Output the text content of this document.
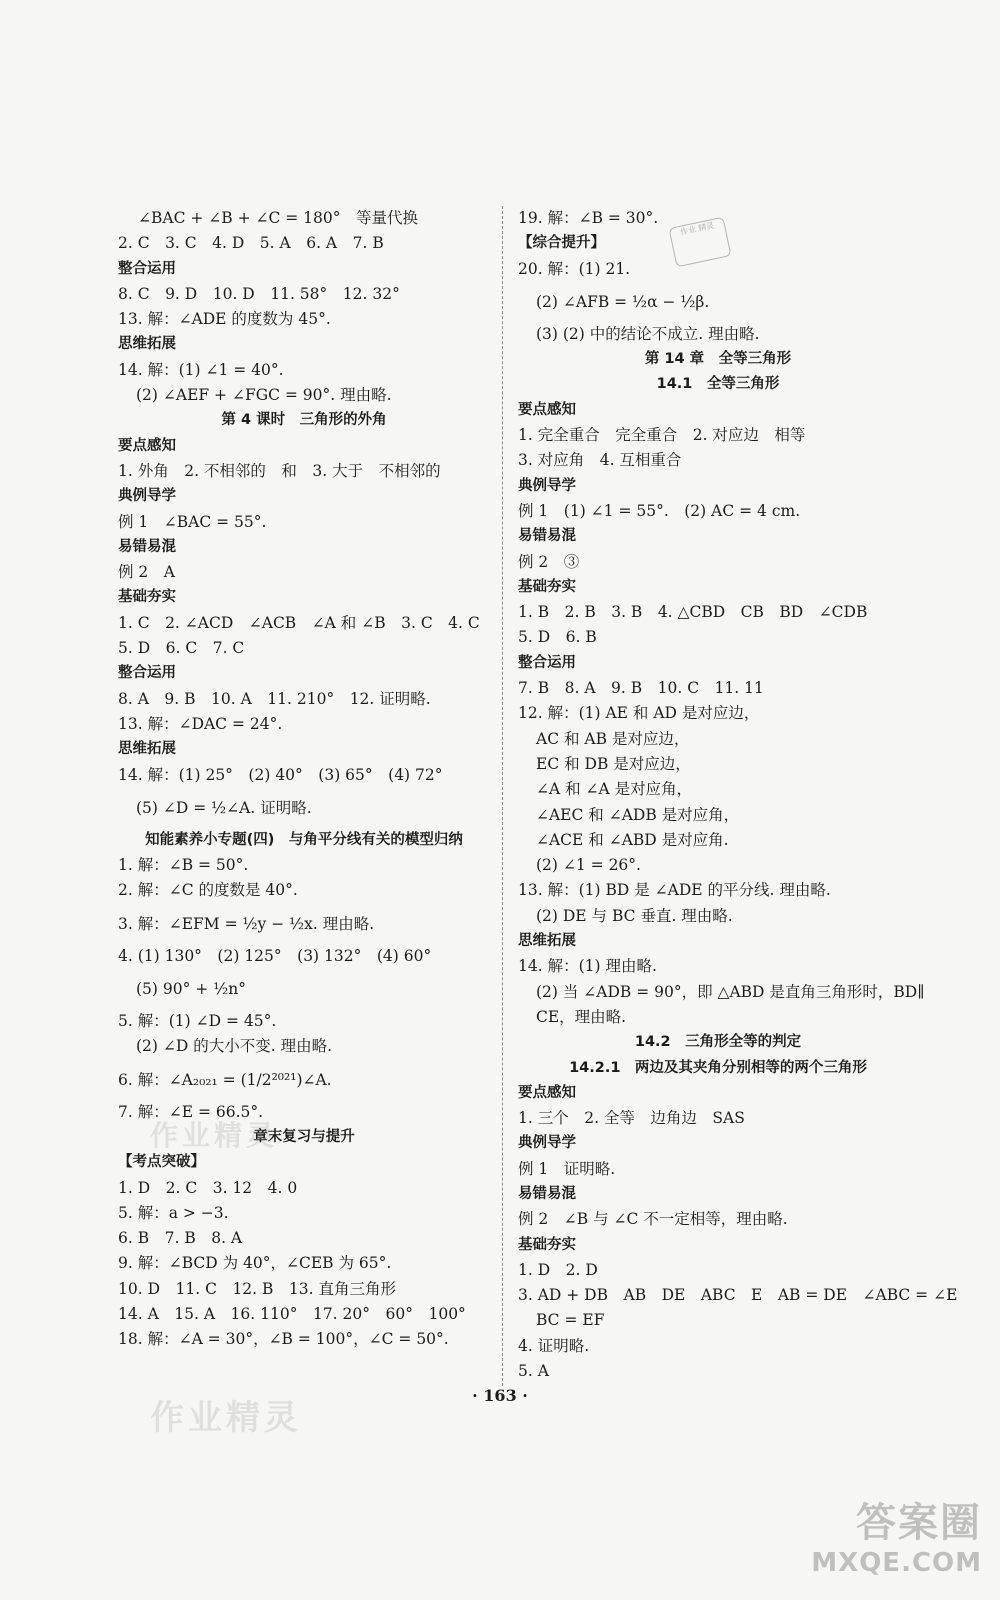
作业 精灵
∠BAC + ∠B + ∠C = 180°　等量代换
2. C　3. C　4. D　5. A　6. A　7. B
整合运用
8. C　9. D　10. D　11. 58°　12. 32°
13. 解：∠ADE 的度数为 45°.
思维拓展
14. 解：(1) ∠1 = 40°.
(2) ∠AEF + ∠FGC = 90°. 理由略.
第 4 课时　三角形的外角
要点感知
1. 外角　2. 不相邻的　和　3. 大于　不相邻的
典例导学
例 1　∠BAC = 55°.
易错易混
例 2　A
基础夯实
1. C　2. ∠ACD　∠ACB　∠A 和 ∠B　3. C　4. C
5. D　6. C　7. C
整合运用
8. A　9. B　10. A　11. 210°　12. 证明略.
13. 解：∠DAC = 24°.
思维拓展
14. 解：(1) 25°　(2) 40°　(3) 65°　(4) 72°
(5) ∠D = ½∠A. 证明略.
知能素养小专题(四)　与角平分线有关的模型归纳
1. 解：∠B = 50°.
2. 解：∠C 的度数是 40°.
3. 解：∠EFM = ½y − ½x. 理由略.
4. (1) 130°　(2) 125°　(3) 132°　(4) 60°
(5) 90° + ½n°
5. 解：(1) ∠D = 45°.
(2) ∠D 的大小不变. 理由略.
6. 解：∠A₂₀₂₁ = (1/2²⁰²¹)∠A.
7. 解：∠E = 66.5°.
章末复习与提升
【考点突破】
1. D　2. C　3. 12　4. 0
5. 解：a > −3.
6. B　7. B　8. A
9. 解：∠BCD 为 40°，∠CEB 为 65°.
10. D　11. C　12. B　13. 直角三角形
14. A　15. A　16. 110°　17. 20°　60°　100°
18. 解：∠A = 30°，∠B = 100°，∠C = 50°.
19. 解：∠B = 30°.
【综合提升】
20. 解：(1) 21.
(2) ∠AFB = ½α − ½β.
(3) (2) 中的结论不成立. 理由略.
第 14 章　全等三角形
14.1　全等三角形
要点感知
1. 完全重合　完全重合　2. 对应边　相等
3. 对应角　4. 互相重合
典例导学
例 1　(1) ∠1 = 55°.　(2) AC = 4 cm.
易错易混
例 2　③
基础夯实
1. B　2. B　3. B　4. △CBD　CB　BD　∠CDB
5. D　6. B
整合运用
7. B　8. A　9. B　10. C　11. 11
12. 解：(1) AE 和 AD 是对应边，
AC 和 AB 是对应边，
EC 和 DB 是对应边，
∠A 和 ∠A 是对应角，
∠AEC 和 ∠ADB 是对应角，
∠ACE 和 ∠ABD 是对应角.
(2) ∠1 = 26°.
13. 解：(1) BD 是 ∠ADE 的平分线. 理由略.
(2) DE 与 BC 垂直. 理由略.
思维拓展
14. 解：(1) 理由略.
(2) 当 ∠ADB = 90°，即 △ABD 是直角三角形时，BD∥
CE，理由略.
14.2　三角形全等的判定
14.2.1　两边及其夹角分别相等的两个三角形
要点感知
1. 三个　2. 全等　边角边　SAS
典例导学
例 1　证明略.
易错易混
例 2　∠B 与 ∠C 不一定相等，理由略.
基础夯实
1. D　2. D
3. AD + DB　AB　DE　ABC　E　AB = DE　∠ABC = ∠E
BC = EF
4. 证明略.
5. A
作业精灵
作业精灵
· 163 ·
答案圈
MXQE.COM
